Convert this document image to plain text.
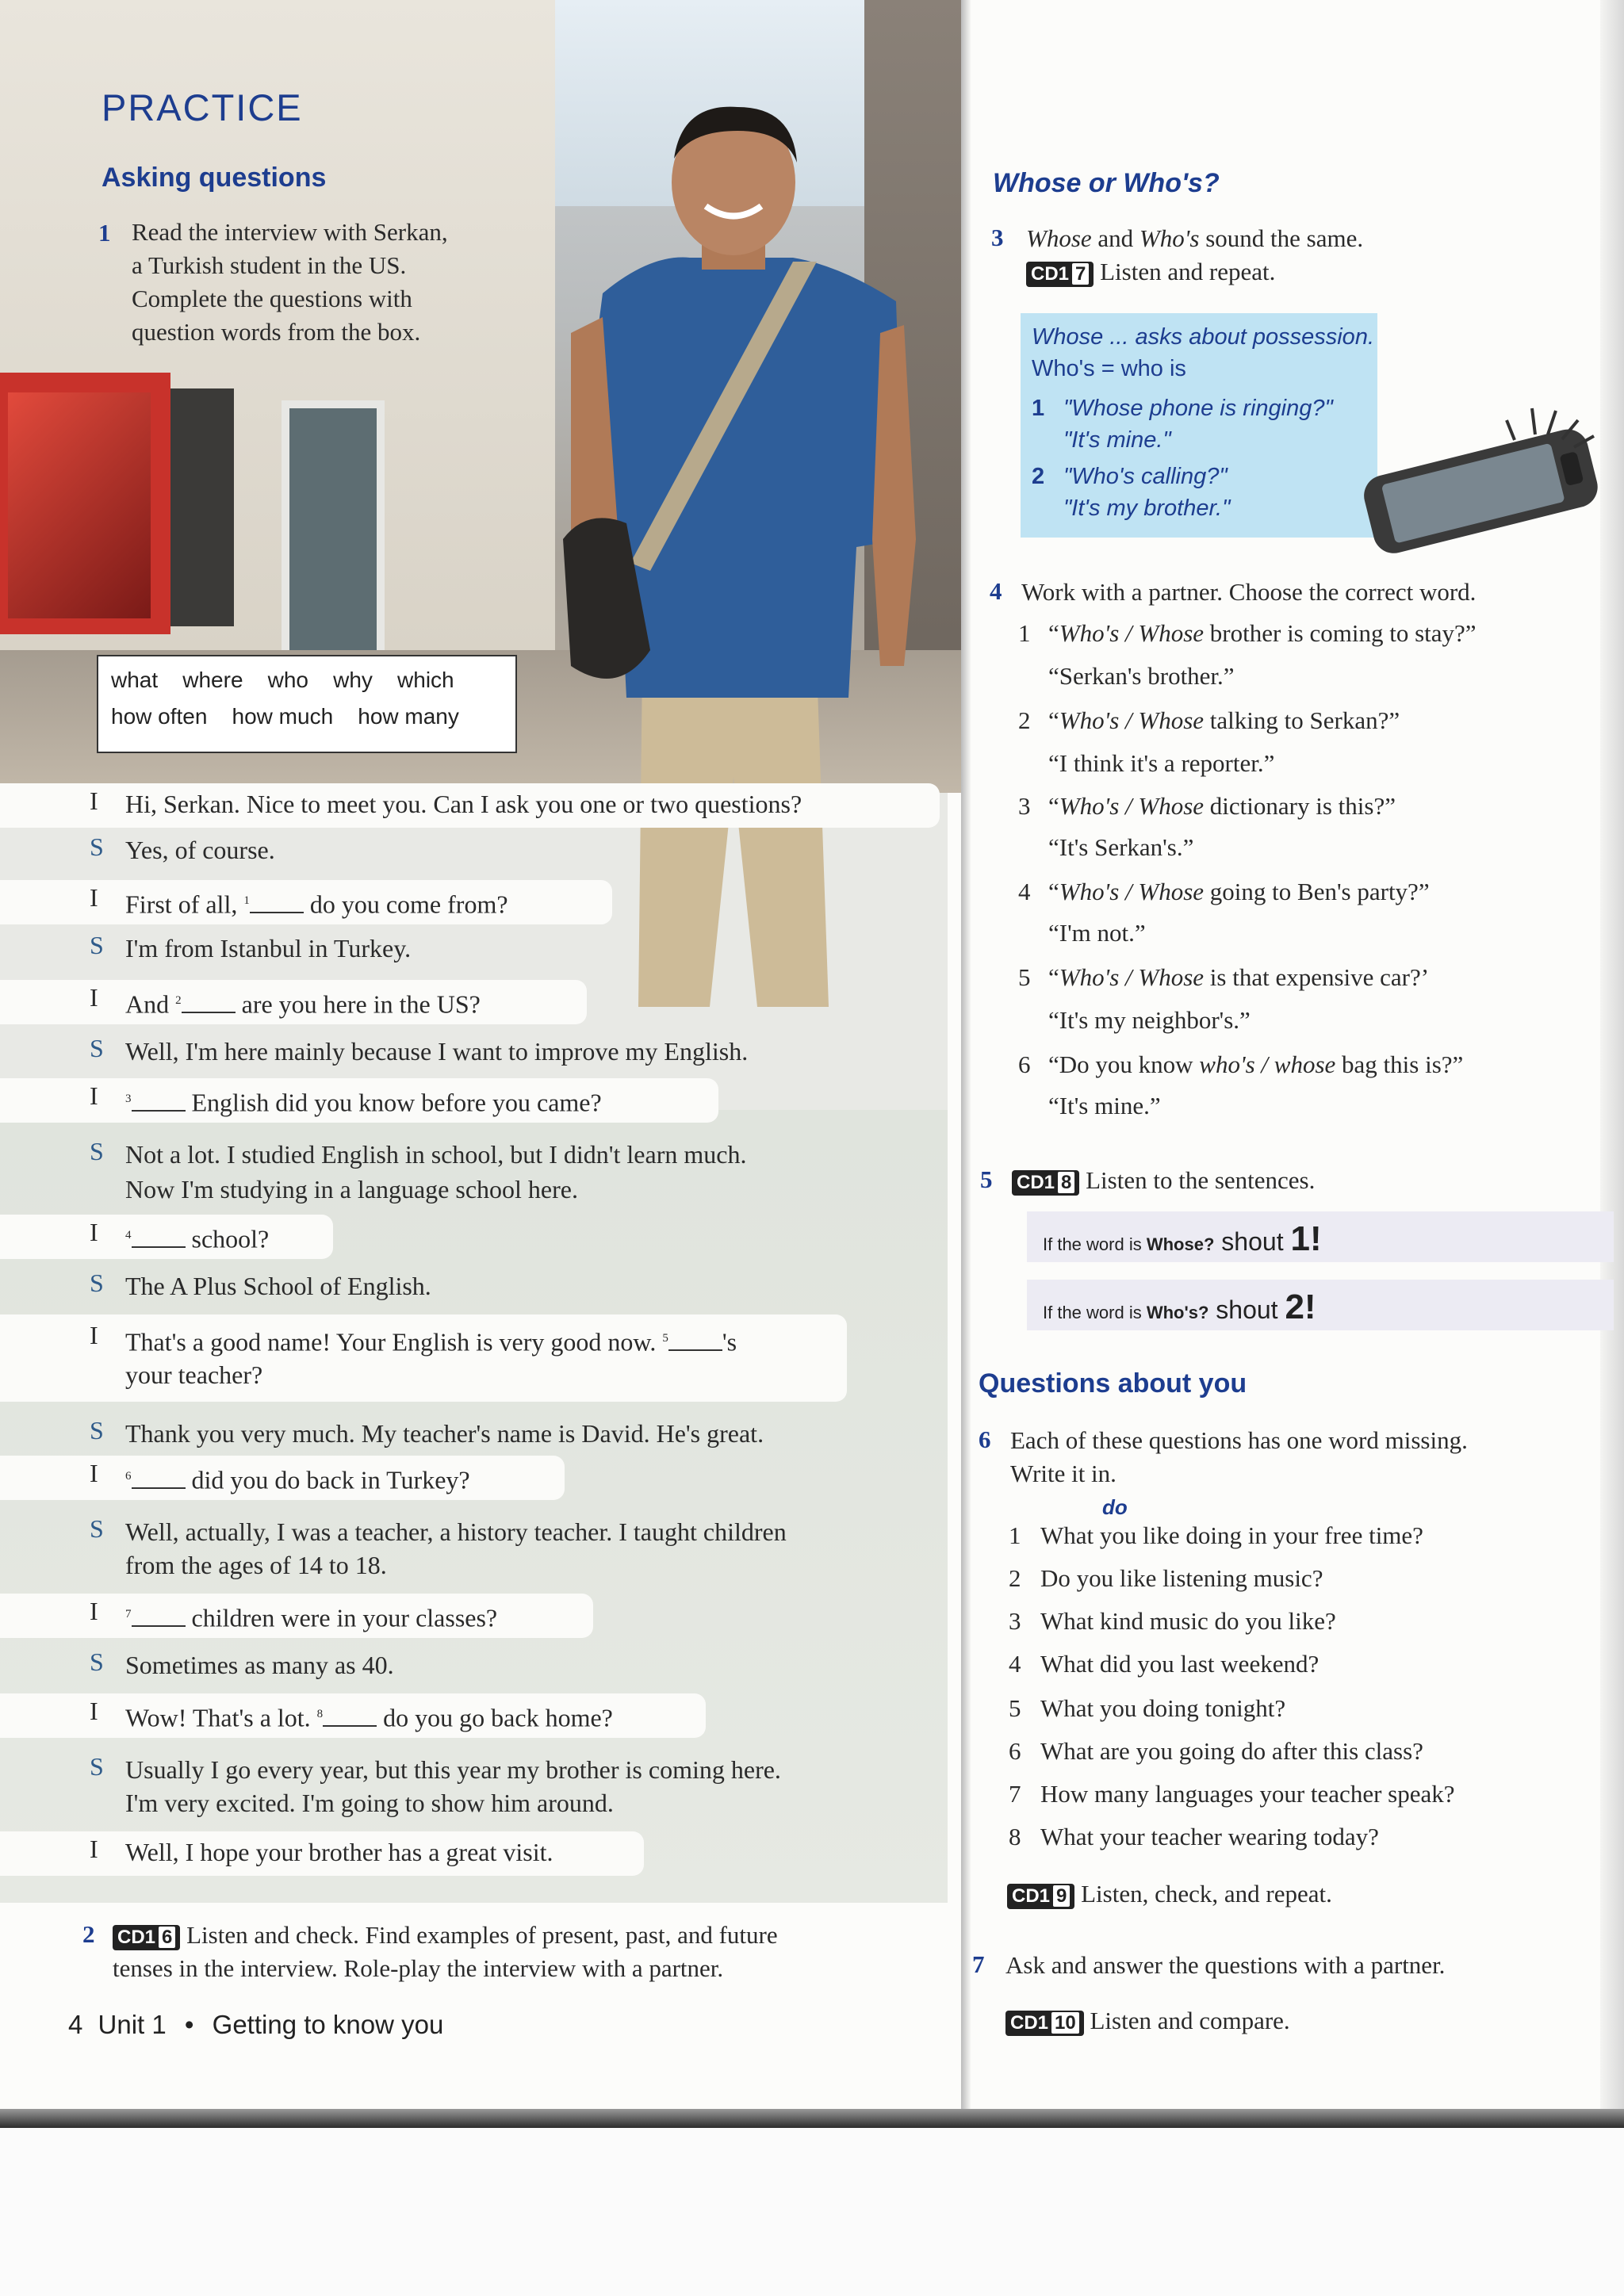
PRACTICE
Asking questions
1 Read the interview with Serkan,
a Turkish student in the US.
Complete the questions with
question words from the box.
what    where    who    why    which
how often    how much    how many
I Hi, Serkan. Nice to meet you. Can I ask you one or two questions?
S Yes, of course.
I First of all, $^1$ do you come from?
S I'm from Istanbul in Turkey.
I And $^2$ are you here in the US?
S Well, I'm here mainly because I want to improve my English.
I $^3$ English did you know before you came?
S Not a lot. I studied English in school, but I didn't learn much.
Now I'm studying in a language school here.
I $^4$ school?
S The A Plus School of English.
I That's a good name! Your English is very good now. $^5$ 's
your teacher?
S Thank you very much. My teacher's name is David. He's great.
I $^6$ did you do back in Turkey?
S Well, actually, I was a teacher, a history teacher. I taught children
from the ages of 14 to 18.
I $^7$ children were in your classes?
S Sometimes as many as 40.
I Wow! That's a lot. $^8$ do you go back home?
S Usually I go every year, but this year my brother is coming here.
I'm very excited. I'm going to show him around.
I Well, I hope your brother has a great visit.
2 CD1 6 Listen and check. Find examples of present, past, and future
tenses in the interview. Role-play the interview with a partner.
4 Unit 1 • Getting to know you
Whose or Who's?
3 Whose and Who's sound the same.
CD1 7 Listen and repeat.
Whose ... asks about possession.
Who's = who is
1 "Whose phone is ringing?"
"It's mine."
2 "Who's calling?"
"It's my brother."
4 Work with a partner. Choose the correct word.
1 “Who's / Whose brother is coming to stay?”
“Serkan's brother.”
2 “Who's / Whose talking to Serkan?”
“I think it's a reporter.”
3 “Who's / Whose dictionary is this?”
“It's Serkan's.”
4 “Who's / Whose going to Ben's party?”
“I'm not.”
5 “Who's / Whose is that expensive car?’
“It's my neighbor's.”
6 “Do you know who's / whose bag this is?”
“It's mine.”
5 CD1 8 Listen to the sentences.
If the word is Whose? shout 1!
If the word is Who's? shout 2!
Questions about you
6 Each of these questions has one word missing.
Write it in.
do
1 What you like doing in your free time?
2 Do you like listening music?
3 What kind music do you like?
4 What did you last weekend?
5 What you doing tonight?
6 What are you going do after this class?
7 How many languages your teacher speak?
8 What your teacher wearing today?
CD1 9 Listen, check, and repeat.
7 Ask and answer the questions with a partner.
CD1 10 Listen and compare.
